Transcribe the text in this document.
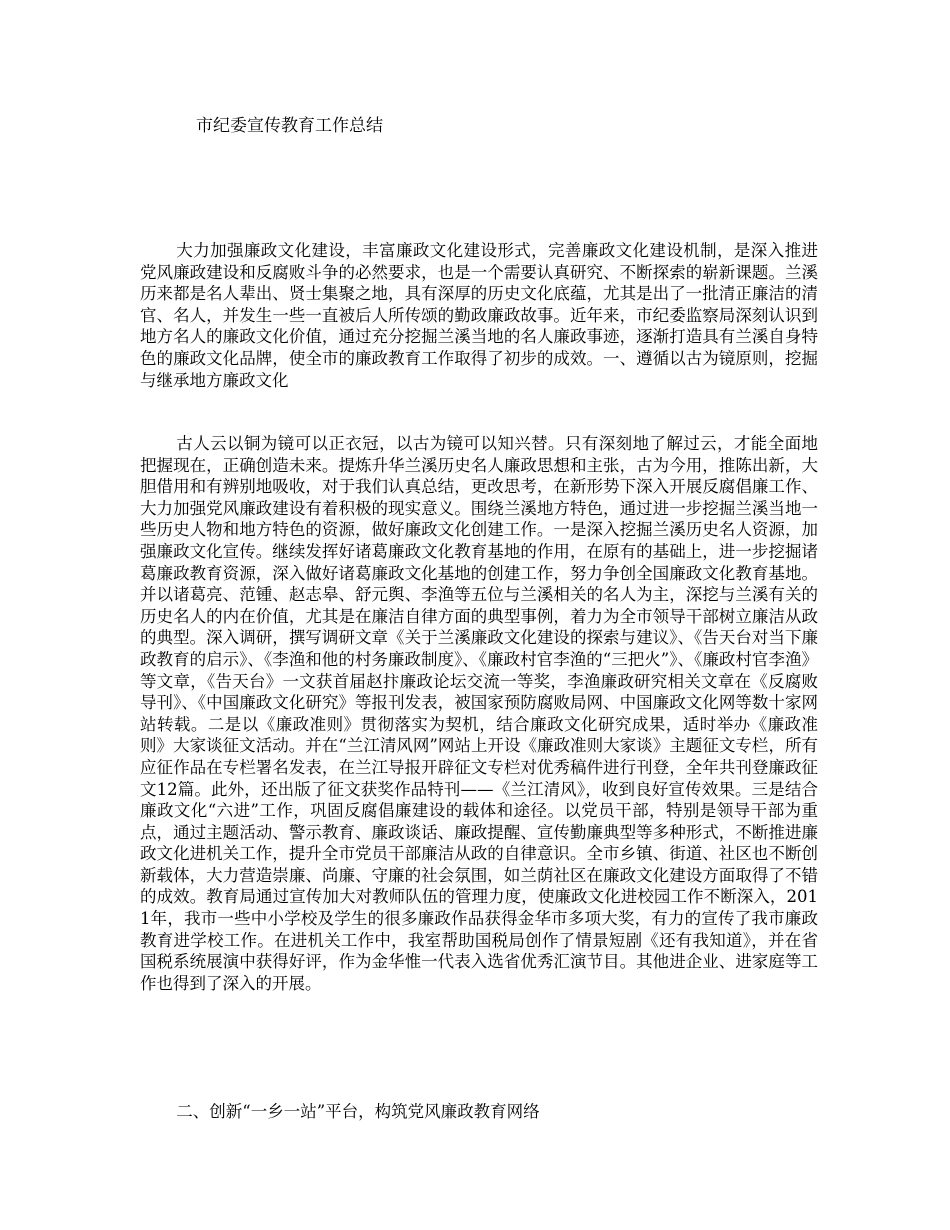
市纪委宣传教育工作总结

大力加强廉政文化建设，丰富廉政文化建设形式，完善廉政文化建设机制，是深入推进党风廉政建设和反腐败斗争的必然要求，也是一个需要认真研究、不断探索的崭新课题。兰溪历来都是名人辈出、贤士集聚之地，具有深厚的历史文化底蕴，尤其是出了一批清正廉洁的清官、名人，并发生一些一直被后人所传颂的勤政廉政故事。近年来，市纪委监察局深刻认识到地方名人的廉政文化价值，通过充分挖掘兰溪当地的名人廉政事迹，逐渐打造具有兰溪自身特色的廉政文化品牌，使全市的廉政教育工作取得了初步的成效。一、遵循以古为镜原则，挖掘与继承地方廉政文化

古人云以铜为镜可以正衣冠，以古为镜可以知兴替。只有深刻地了解过云，才能全面地把握现在，正确创造未来。提炼升华兰溪历史名人廉政思想和主张，古为今用，推陈出新，大胆借用和有辨别地吸收，对于我们认真总结，更改思考，在新形势下深入开展反腐倡廉工作、大力加强党风廉政建设有着积极的现实意义。围绕兰溪地方特色，通过进一步挖掘兰溪当地一些历史人物和地方特色的资源，做好廉政文化创建工作。一是深入挖掘兰溪历史名人资源，加强廉政文化宣传。继续发挥好诸葛廉政文化教育基地的作用，在原有的基础上，进一步挖掘诸葛廉政教育资源，深入做好诸葛廉政文化基地的创建工作，努力争创全国廉政文化教育基地。并以诸葛亮、范锺、赵志皋、舒元舆、李渔等五位与兰溪相关的名人为主，深挖与兰溪有关的历史名人的内在价值，尤其是在廉洁自律方面的典型事例，着力为全市领导干部树立廉洁从政的典型。深入调研，撰写调研文章《关于兰溪廉政文化建设的探索与建议》、《告天台对当下廉政教育的启示》、《李渔和他的村务廉政制度》、《廉政村官李渔的“三把火”》、《廉政村官李渔》等文章，《告天台》一文获首届赵抃廉政论坛交流一等奖，李渔廉政研究相关文章在《反腐败导刊》、《中国廉政文化研究》等报刊发表，被国家预防腐败局网、中国廉政文化网等数十家网站转载。二是以《廉政准则》贯彻落实为契机，结合廉政文化研究成果，适时举办《廉政准则》大家谈征文活动。并在“兰江清风网”网站上开设《廉政准则大家谈》主题征文专栏，所有应征作品在专栏署名发表，在兰江导报开辟征文专栏对优秀稿件进行刊登，全年共刊登廉政征文12篇。此外，还出版了征文获奖作品特刊——《兰江清风》，收到良好宣传效果。三是结合廉政文化“六进”工作，巩固反腐倡廉建设的载体和途径。以党员干部，特别是领导干部为重点，通过主题活动、警示教育、廉政谈话、廉政提醒、宣传勤廉典型等多种形式，不断推进廉政文化进机关工作，提升全市党员干部廉洁从政的自律意识。全市乡镇、街道、社区也不断创新载体，大力营造崇廉、尚廉、守廉的社会氛围，如兰荫社区在廉政文化建设方面取得了不错的成效。教育局通过宣传加大对教师队伍的管理力度，使廉政文化进校园工作不断深入，2011年，我市一些中小学校及学生的很多廉政作品获得金华市多项大奖，有力的宣传了我市廉政教育进学校工作。在进机关工作中，我室帮助国税局创作了情景短剧《还有我知道》，并在省国税系统展演中获得好评，作为金华惟一代表入选省优秀汇演节目。其他进企业、进家庭等工作也得到了深入的开展。

二、创新“一乡一站”平台，构筑党风廉政教育网络
